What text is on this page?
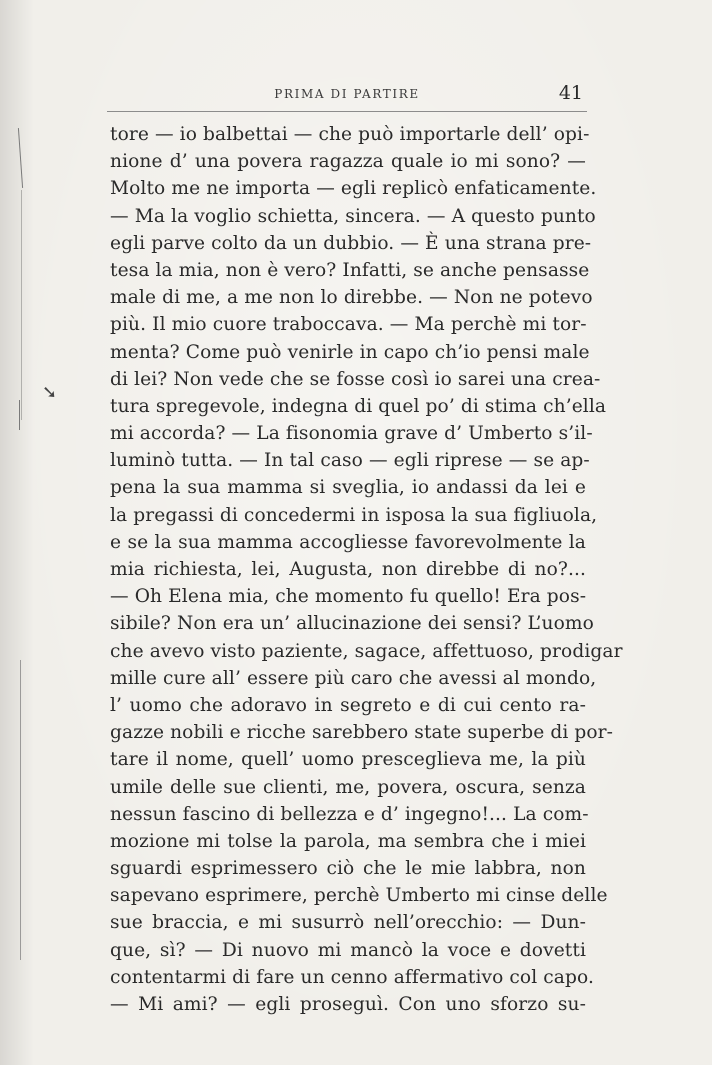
➘
PRIMA DI PARTIRE	41
tore — io balbettai — che può importarle dell’ opi-
nione d’ una povera ragazza quale io mi sono? —
Molto me ne importa — egli replicò enfaticamente.
— Ma la voglio schietta, sincera. — A questo punto
egli parve colto da un dubbio. — È una strana pre-
tesa la mia, non è vero? Infatti, se anche pensasse
male di me, a me non lo direbbe. — Non ne potevo
più. Il mio cuore traboccava. — Ma perchè mi tor-
menta? Come può venirle in capo ch’io pensi male
di lei? Non vede che se fosse così io sarei una crea-
tura spregevole, indegna di quel po’ di stima ch’ella
mi accorda? — La fisonomia grave d’ Umberto s’il-
luminò tutta. — In tal caso — egli riprese — se ap-
pena la sua mamma si sveglia, io andassi da lei e
la pregassi di concedermi in isposa la sua figliuola,
e se la sua mamma accogliesse favorevolmente la
mia richiesta, lei, Augusta, non direbbe di no?...
— Oh Elena mia, che momento fu quello! Era pos-
sibile? Non era un’ allucinazione dei sensi? L’uomo
che avevo visto paziente, sagace, affettuoso, prodigar
mille cure all’ essere più caro che avessi al mondo,
l’ uomo che adoravo in segreto e di cui cento ra-
gazze nobili e ricche sarebbero state superbe di por-
tare il nome, quell’ uomo presceglieva me, la più
umile delle sue clienti, me, povera, oscura, senza
nessun fascino di bellezza e d’ ingegno!... La com-
mozione mi tolse la parola, ma sembra che i miei
sguardi esprimessero ciò che le mie labbra, non
sapevano esprimere, perchè Umberto mi cinse delle
sue braccia, e mi susurrò nell’orecchio: — Dun-
que, sì? — Di nuovo mi mancò la voce e dovetti
contentarmi di fare un cenno affermativo col capo.
— Mi ami? — egli proseguì. Con uno sforzo su-
